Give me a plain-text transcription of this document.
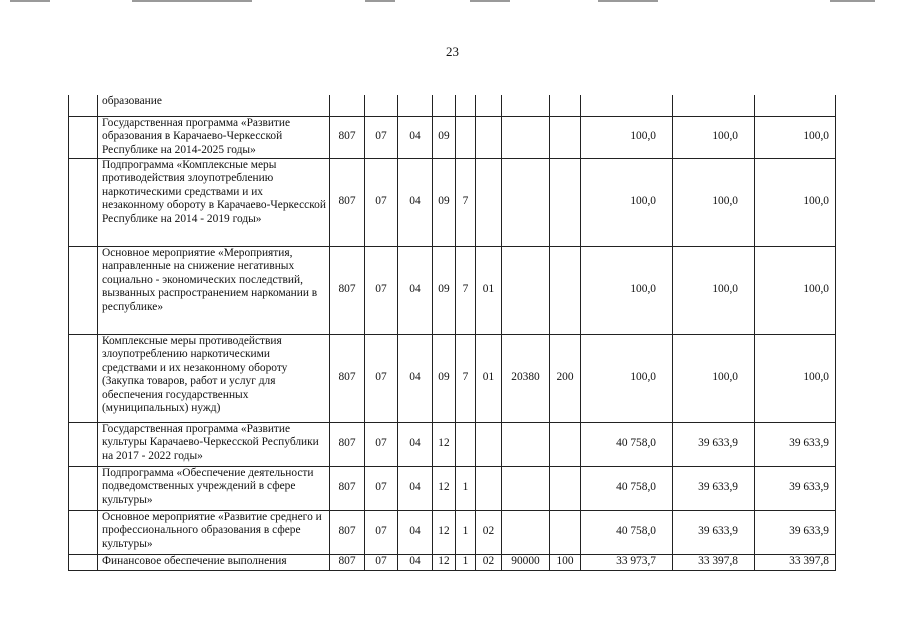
23
	образование											
	Государственная программа «Развитие образования в Карачаево-Черкесской Республике на 2014-2025 годы»	807	07	04	09					100,0	100,0	100,0
	Подпрограмма «Комплексные меры противодействия злоупотреблению наркотическими средствами и их незаконному обороту в Карачаево-Черкесской Республике на 2014 - 2019 годы»	807	07	04	09	7				100,0	100,0	100,0
	Основное мероприятие «Мероприятия, направленные на снижение негативных социально - экономических последствий, вызванных распространением наркомании в республике»	807	07	04	09	7	01			100,0	100,0	100,0
	Комплексные меры противодействия злоупотреблению наркотическими средствами и их незаконному обороту (Закупка товаров, работ и услуг для обеспечения государственных (муниципальных) нужд)	807	07	04	09	7	01	20380	200	100,0	100,0	100,0
	Государственная программа «Развитие культуры Карачаево-Черкесской Республики на 2017 - 2022 годы»	807	07	04	12					40 758,0	39 633,9	39 633,9
	Подпрограмма «Обеспечение деятельности подведомственных учреждений в сфере культуры»	807	07	04	12	1				40 758,0	39 633,9	39 633,9
	Основное мероприятие «Развитие среднего и профессионального образования в сфере культуры»	807	07	04	12	1	02			40 758,0	39 633,9	39 633,9
	Финансовое обеспечение выполнения	807	07	04	12	1	02	90000	100	33 973,7	33 397,8	33 397,8
